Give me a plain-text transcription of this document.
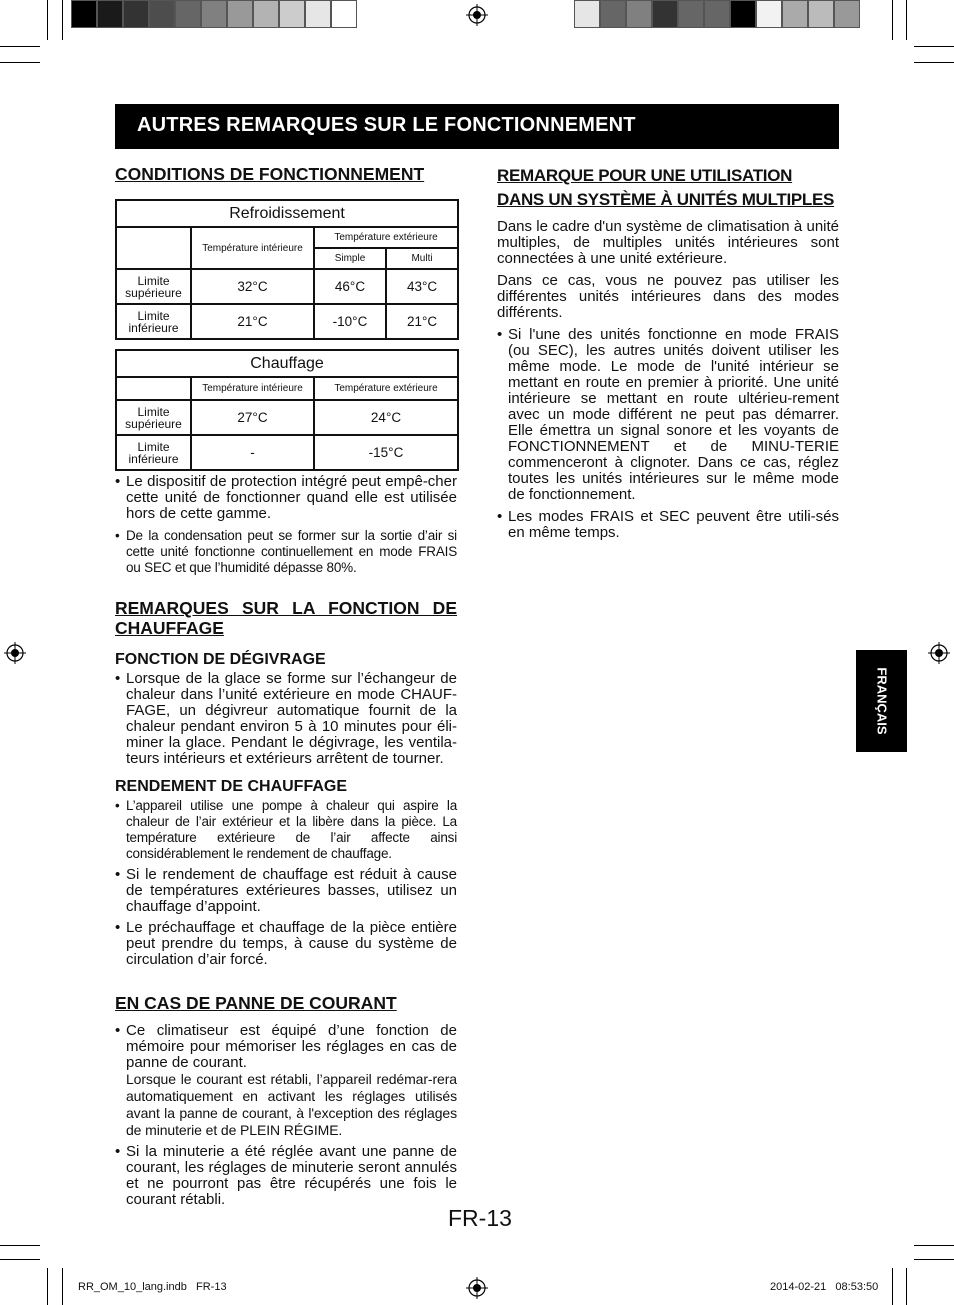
AUTRES REMARQUES SUR LE FONCTIONNEMENT
CONDITIONS DE FONCTIONNEMENT
Refroidissement			
	Température intérieure	Température extérieure	
		Simple	Multi
Limite supérieure	32°C	46°C	43°C
Limite inférieure	21°C	-10°C	21°C
Chauffage		
	Température intérieure	Température extérieure
Limite supérieure	27°C	24°C
Limite inférieure	-	-15°C
• Le dispositif de protection intégré peut empê-cher cette unité de fonctionner quand elle est utilisée hors de cette gamme.
• De la condensation peut se former sur la sortie d’air si cette unité fonctionne continuellement en mode FRAIS ou SEC et que l’humidité dépasse 80%.
REMARQUES SUR LA FONCTION DE CHAUFFAGE
FONCTION DE DÉGIVRAGE
• Lorsque de la glace se forme sur l’échangeur de chaleur dans l’unité extérieure en mode CHAUF-FAGE, un dégivreur automatique fournit de la chaleur pendant environ 5 à 10 minutes pour éli-miner la glace. Pendant le dégivrage, les ventila-teurs intérieurs et extérieurs arrêtent de tourner.
RENDEMENT DE CHAUFFAGE
• L’appareil utilise une pompe à chaleur qui aspire la chaleur de l’air extérieur et la libère dans la pièce. La température extérieure de l’air affecte ainsi considérablement le rendement de chauffage.
• Si le rendement de chauffage est réduit à cause de températures extérieures basses, utilisez un chauffage d’appoint.
• Le préchauffage et chauffage de la pièce entière peut prendre du temps, à cause du système de circulation d’air forcé.
EN CAS DE PANNE DE COURANT
• Ce climatiseur est équipé d’une fonction de mémoire pour mémoriser les réglages en cas de panne de courant.
Lorsque le courant est rétabli, l’appareil redémar-rera automatiquement en activant les réglages utilisés avant la panne de courant, à l'exception des réglages de minuterie et de PLEIN RÉGIME.
• Si la minuterie a été réglée avant une panne de courant, les réglages de minuterie seront annulés et ne pourront pas être récupérés une fois le courant rétabli.
REMARQUE POUR UNE UTILISATION
DANS UN SYSTÈME À UNITÉS MULTIPLES

Dans le cadre d'un système de climatisation à unité multiples, de multiples unités intérieures sont connectées à une unité extérieure.

Dans ce cas, vous ne pouvez pas utiliser les différentes unités intérieures dans des modes différents.

• Si l'une des unités fonctionne en mode FRAIS (ou SEC), les autres unités doivent utiliser les même mode. Le mode de l'unité intérieur se mettant en route en premier à priorité. Une unité intérieure se mettant en route ultérieu-rement avec un mode différent ne peut pas démarrer. Elle émettra un signal sonore et les voyants de FONCTIONNEMENT et de MINU-TERIE commenceront à clignoter. Dans ce cas, réglez toutes les unités intérieures sur le même mode de fonctionnement.
• Les modes FRAIS et SEC peuvent être utili-sés en même temps.
FRANÇAIS
FR-13
RR_OM_10_lang.indb   FR-13	2014-02-21   08:53:50
